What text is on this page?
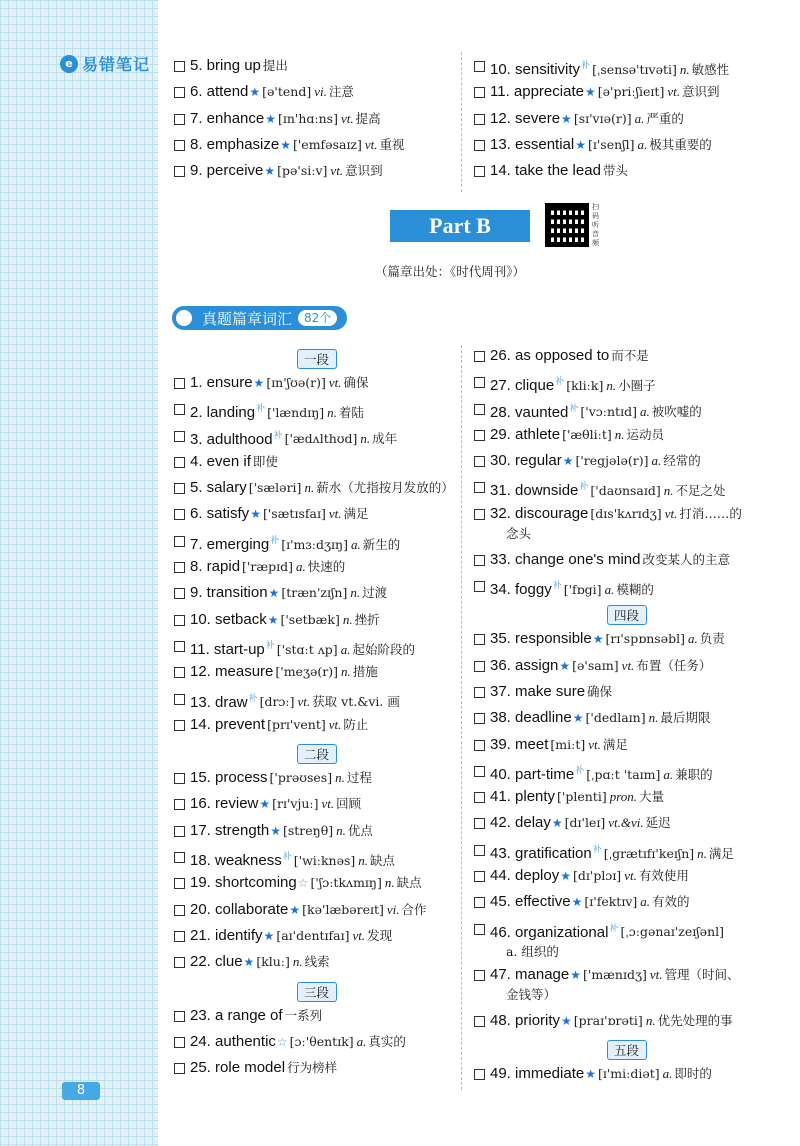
e 易错笔记
8
5. bring up 提出
6. attend★ [ə'tend] vi. 注意
7. enhance★ [ɪn'hɑːns] vt. 提高
8. emphasize★ ['emfəsaɪz] vt. 重视
9. perceive★ [pə'siːv] vt. 意识到
10. sensitivity$^补$ [ˌsensə'tɪvəti] n. 敏感性
11. appreciate★ [ə'priːʃieɪt] vt. 意识到
12. severe★ [sɪ'vɪə(r)] a. 严重的
13. essential★ [ɪ'senʃl] a. 极其重要的
14. take the lead 带头
Part B
扫码听音频
（篇章出处：《时代周刊》）
真题篇章词汇	82个
一段
1. ensure★ [ɪn'ʃʊə(r)] vt. 确保
2. landing$^补$ ['lændɪŋ] n. 着陆
3. adulthood$^补$ ['ædʌlthʊd] n. 成年
4. even if 即使
5. salary ['sæləri] n. 薪水（尤指按月发放的）
6. satisfy★ ['sætɪsfaɪ] vt. 满足
7. emerging$^补$ [ɪ'mɜːdʒɪŋ] a. 新生的
8. rapid ['ræpɪd] a. 快速的
9. transition★ [træn'zɪʃn] n. 过渡
10. setback★ ['setbæk] n. 挫折
11. start-$up^补$ ['stɑːt ʌp] a. 起始阶段的
12. measure ['meʒə(r)] n. 措施
13. draw$^补$ [drɔː] vt. 获取 vt.&vi. 画
14. prevent [prɪ'vent] vt. 防止
二段
15. process ['prəʊses] n. 过程
16. review★ [rɪ'vjuː] vt. 回顾
17. strength★ [streŋθ] n. 优点
18. weakness$^补$ ['wiːknəs] n. 缺点
19. shortcoming☆ ['ʃɔːtkʌmɪŋ] n. 缺点
20. collaborate★ [kə'læbəreɪt] vi. 合作
21. identify★ [aɪ'dentɪfaɪ] vt. 发现
22. clue★ [kluː] n. 线索
三段
23. a range of 一系列
24. authentic☆ [ɔː'θentɪk] a. 真实的
25. role model 行为榜样
26. as opposed to 而不是
27. clique$^补$ [kliːk] n. 小圈子
28. vaunted$^补$ ['vɔːntɪd] a. 被吹嘘的
29. athlete ['æθliːt] n. 运动员
30. regular★ ['regjələ(r)] a. 经常的
31. downside$^补$ ['daʊnsaɪd] n. 不足之处
32. discourage [dɪs'kʌrɪdʒ] vt. 打消……的
念头
33. change one's mind 改变某人的主意
34. foggy$^补$ ['fɒgi] a. 模糊的
四段
35. responsible★ [rɪ'spɒnsəbl] a. 负责
36. assign★ [ə'saɪn] vt. 布置（任务）
37. make sure 确保
38. deadline★ ['dedlaɪn] n. 最后期限
39. meet [miːt] vt. 满足
40. part-time$^补$ [ˌpɑːt 'taɪm] a. 兼职的
41. plenty ['plenti] pron. 大量
42. delay★ [dɪ'leɪ] vt.&vi. 延迟
43. gratification$^补$ [ˌgrætɪfɪ'keɪʃn] n. 满足
44. deploy★ [dɪ'plɔɪ] vt. 有效使用
45. effective★ [ɪ'fektɪv] a. 有效的
46. organizational$^补$ [ˌɔːgənaɪ'zeɪʃənl]
a. 组织的
47. manage★ ['mænɪdʒ] vt. 管理（时间、
金钱等）
48. priority★ [praɪ'ɒrəti] n. 优先处理的事
五段
49. immediate★ [ɪ'miːdiət] a. 即时的
